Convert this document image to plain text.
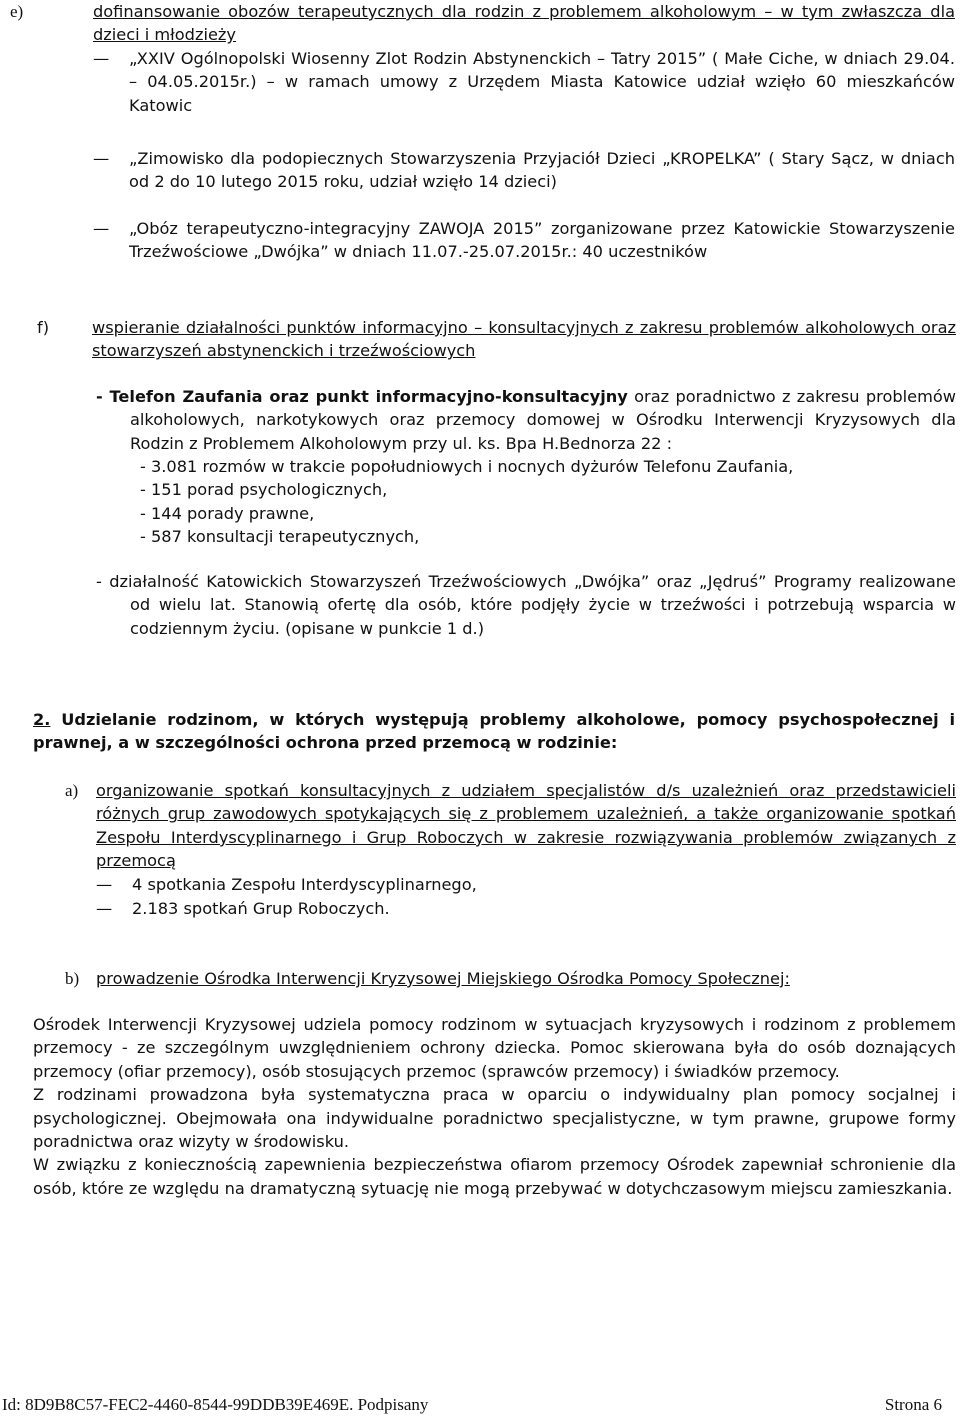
e)	dofinansowanie obozów terapeutycznych dla rodzin z problemem alkoholowym – w tym zwłaszcza dla dzieci i młodzieży
—	„XXIV Ogólnopolski Wiosenny Zlot Rodzin Abstynenckich – Tatry 2015” ( Małe Ciche, w dniach 29.04. – 04.05.2015r.) – w ramach umowy z Urzędem Miasta Katowice udział wzięło 60 mieszkańców Katowic
—	„Zimowisko dla podopiecznych Stowarzyszenia Przyjaciół Dzieci „KROPELKA” ( Stary Sącz, w dniach od 2 do 10 lutego 2015 roku, udział wzięło 14 dzieci)
—	„Obóz terapeutyczno-integracyjny ZAWOJA 2015” zorganizowane przez Katowickie Stowarzyszenie Trzeźwościowe „Dwójka” w dniach 11.07.-25.07.2015r.: 40 uczestników
f)	wspieranie działalności punktów informacyjno – konsultacyjnych z zakresu problemów alkoholowych oraz stowarzyszeń abstynenckich i trzeźwościowych
- Telefon Zaufania oraz punkt informacyjno-konsultacyjny oraz poradnictwo z zakresu problemów alkoholowych, narkotykowych oraz przemocy domowej w Ośrodku Interwencji Kryzysowych dla Rodzin z Problemem Alkoholowym przy ul. ks. Bpa H.Bednorza 22 :
- 3.081 rozmów w trakcie popołudniowych i nocnych dyżurów Telefonu Zaufania,
- 151 porad psychologicznych,
- 144 porady prawne,
- 587 konsultacji terapeutycznych,
- działalność Katowickich Stowarzyszeń Trzeźwościowych „Dwójka” oraz „Jędruś” Programy realizowane od wielu lat. Stanowią ofertę dla osób, które podjęły życie w trzeźwości i potrzebują wsparcia w codziennym życiu. (opisane w punkcie 1 d.)
2. Udzielanie rodzinom, w których występują problemy alkoholowe, pomocy psychospołecznej i prawnej, a w szczególności ochrona przed przemocą w rodzinie:
a) organizowanie spotkań konsultacyjnych z udziałem specjalistów d/s uzależnień oraz przedstawicieli różnych grup zawodowych spotykających się z problemem uzależnień, a także organizowanie spotkań Zespołu Interdyscyplinarnego i Grup Roboczych w zakresie rozwiązywania problemów związanych z przemocą
—	4 spotkania Zespołu Interdyscyplinarnego,
—	2.183 spotkań Grup Roboczych.
b) prowadzenie Ośrodka Interwencji Kryzysowej Miejskiego Ośrodka Pomocy Społecznej:
Ośrodek Interwencji Kryzysowej udziela pomocy rodzinom w sytuacjach kryzysowych i rodzinom z problemem przemocy - ze szczególnym uwzględnieniem ochrony dziecka. Pomoc skierowana była do osób doznających przemocy (ofiar przemocy), osób stosujących przemoc (sprawców przemocy) i świadków przemocy.
Z rodzinami prowadzona była systematyczna praca w oparciu o indywidualny plan pomocy socjalnej i psychologicznej. Obejmowała ona indywidualne poradnictwo specjalistyczne, w tym prawne, grupowe formy poradnictwa oraz wizyty w środowisku.
W związku z koniecznością zapewnienia bezpieczeństwa ofiarom przemocy Ośrodek zapewniał schronienie dla osób, które ze względu na dramatyczną sytuację nie mogą przebywać w dotychczasowym miejscu zamieszkania.
Id: 8D9B8C57-FEC2-4460-8544-99DDB39E469E. Podpisany	Strona 6
